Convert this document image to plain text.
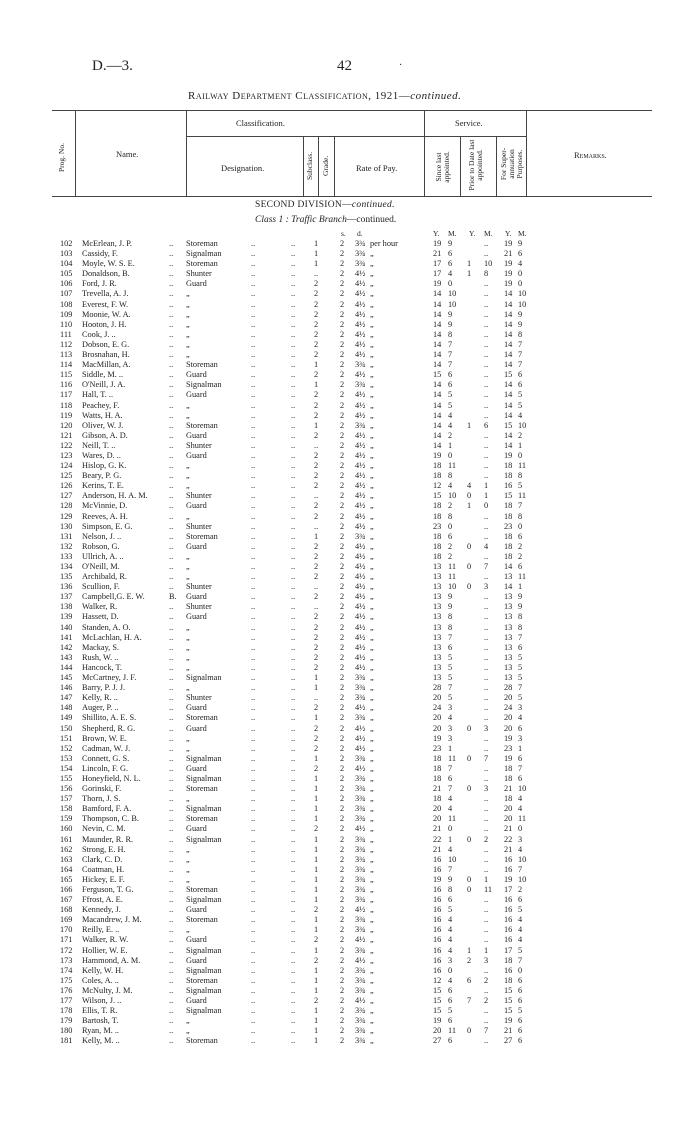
D.—3.	42	·
Railway Department Classification, 1921—continued.
Classification.	Service.
Name.
Designation.	Rate of Pay.
Remarks.
Prog. No.	Subclass. Grade.	Since last appointed. Prior to Date last appointed. For Super-annuation Purposes.
SECOND DIVISION—continued.
Class 1 : Traffic Branch—continued.
s. d.	Y. M. Y. M. Y. M.
102 McErlean, J. P.	.. Storeman	..	.. 1	2 3¾ per hour	19 9	.. 19 9
103 Cassidy, F.	.. Signalman	..	.. 1	2 3¾ „	21 6	.. 21 6
104 Moyle, W. S. E.	.. Storeman	..	.. 1	2 3¾ „	17 6 1 10 19 4
105 Donaldson, B.	.. Shunter	..	.. ..	2 4½ „	17 4 1 8 19 0
106 Ford, J. R.	.. Guard	..	.. 2	2 4½ „	19 0	.. 19 0
107 Trevella, A. J.	.. „	..	.. 2	2 4½ „	14 10	.. 14 10
108 Everest, F. W.	.. „	..	.. 2	2 4½ „	14 10	.. 14 10
109 Moonie, W. A.	.. „	..	.. 2	2 4½ „	14 9	.. 14 9
110 Hooton, J. H.	.. „	..	.. 2	2 4½ „	14 9	.. 14 9
111 Cook, J. ..	.. „	..	.. 2	2 4½ „	14 8	.. 14 8
112 Dobson, E. G.	.. „	..	.. 2	2 4½ „	14 7	.. 14 7
113 Brosnahan, H.	.. „	..	.. 2	2 4½ „	14 7	.. 14 7
114 MacMillan, A.	.. Storeman	..	.. 1	2 3¾ „	14 7	.. 14 7
115 Siddle, M. ..	.. Guard	..	.. 2	2 4½ „	15 6	.. 15 6
116 O'Neill, J. A.	.. Signalman	..	.. 1	2 3¾ „	14 6	.. 14 6
117 Hall, T. ..	.. Guard	..	.. 2	2 4½ „	14 5	.. 14 5
118 Peachey, F.	.. „	..	.. 2	2 4½ „	14 5	.. 14 5
119 Watts, H. A.	.. „	..	.. 2	2 4½ „	14 4	.. 14 4
120 Oliver, W. J.	.. Storeman	..	.. 1	2 3¾ „	14 4 1 6 15 10
121 Gibson, A. D.	.. Guard	..	.. 2	2 4½ „	14 2	.. 14 2
122 Neill, T. ..	.. Shunter	..	.. ..	2 4½ „	14 1	.. 14 1
123 Wares, D. ..	.. Guard	..	.. 2	2 4½ „	19 0	.. 19 0
124 Hislop, G. K.	.. „	..	.. 2	2 4½ „	18 11	.. 18 11
125 Beary, P. G.	.. „	..	.. 2	2 4½ „	18 8	.. 18 8
126 Kerins, T. E.	.. „	..	.. 2	2 4½ „	12 4 4 1 16 5
127 Anderson, H. A. M.	.. Shunter	..	.. ..	2 4½ „	15 10 0 1 15 11
128 McVinnie, D.	.. Guard	..	.. 2	2 4½ „	18 2 1 0 18 7
129 Reeves, A. H.	.. „	..	.. 2	2 4½ „	18 8	.. 18 8
130 Simpson, E. G.	.. Shunter	..	.. ..	2 4½ „	23 0	.. 23 0
131 Nelson, J. ..	.. Storeman	..	.. 1	2 3¾ „	18 6	.. 18 6
132 Robson, G.	.. Guard	..	.. 2	2 4½ „	18 2 0 4 18 2
133 Ullrich, A. ..	.. „	..	.. 2	2 4½ „	18 2	.. 18 2
134 O'Neill, M.	.. „	..	.. 2	2 4½ „	13 11 0 7 14 6
135 Archibald, R.	.. „	..	.. 2	2 4½ „	13 11	.. 13 11
136 Scullion, F.	.. Shunter	..	.. ..	2 4½ „	13 10 0 3 14 1
137 Campbell,G. E. W.	B. Guard	..	.. 2	2 4½ „	13 9	.. 13 9
138 Walker, R.	.. Shunter	..	.. ..	2 4½ „	13 9	.. 13 9
139 Hassett, D.	.. Guard	..	.. 2	2 4½ „	13 8	.. 13 8
140 Standen, A. O.	.. „	..	.. 2	2 4½ „	13 8	.. 13 8
141 McLachlan, H. A.	.. „	..	.. 2	2 4½ „	13 7	.. 13 7
142 Mackay, S.	.. „	..	.. 2	2 4½ „	13 6	.. 13 6
143 Rush, W. ..	.. „	..	.. 2	2 4½ „	13 5	.. 13 5
144 Hancock, T.	.. „	..	.. 2	2 4½ „	13 5	.. 13 5
145 McCartney, J. F.	.. Signalman	..	.. 1	2 3¾ „	13 5	.. 13 5
146 Barry, P. J. J.	.. „	..	.. 1	2 3¾ „	28 7	.. 28 7
147 Kelly, R. ..	.. Shunter	..	.. ..	2 3¾ „	20 5	.. 20 5
148 Auger, P. ..	.. Guard	..	.. 2	2 4½ „	24 3	.. 24 3
149 Shillito, A. E. S.	.. Storeman	..	.. 1	2 3¾ „	20 4	.. 20 4
150 Shepherd, R. G.	.. Guard	..	.. 2	2 4½ „	20 3 0 3 20 6
151 Brown, W. E.	.. „	..	.. 2	2 4½ „	19 3	.. 19 3
152 Cadman, W. J.	.. „	..	.. 2	2 4½ „	23 1	.. 23 1
153 Connett, G. S.	.. Signalman	..	.. 1	2 3¾ „	18 11 0 7 19 6
154 Lincoln, F. G.	.. Guard	..	.. 2	2 4½ „	18 7	.. 18 7
155 Honeyfield, N. L.	.. Signalman	..	.. 1	2 3¾ „	18 6	.. 18 6
156 Gorinski, F.	.. Storeman	..	.. 1	2 3¾ „	21 7 0 3 21 10
157 Thorn, J. S.	.. „	..	.. 1	2 3¾ „	18 4	.. 18 4
158 Bamford, F. A.	.. Signalman	..	.. 1	2 3¾ „	20 4	.. 20 4
159 Thompson, C. B.	.. Storeman	..	.. 1	2 3¾ „	20 11	.. 20 11
160 Nevin, C. M.	.. Guard	..	.. 2	2 4½ „	21 0	.. 21 0
161 Maunder, R. R.	.. Signalman	..	.. 1	2 3¾ „	22 1 0 2 22 3
162 Strong, E. H.	.. „	..	.. 1	2 3¾ „	21 4	.. 21 4
163 Clark, C. D.	.. „	..	.. 1	2 3¾ „	16 10	.. 16 10
164 Coatman, H.	.. „	..	.. 1	2 3¾ „	16 7	.. 16 7
165 Hickey, E. F.	.. „	..	.. 1	2 3¾ „	19 9 0 1 19 10
166 Ferguson, T. G.	.. Storeman	..	.. 1	2 3¾ „	16 8 0 11 17 2
167 Ffrost, A. E.	.. Signalman	..	.. 1	2 3¾ „	16 6	.. 16 6
168 Kennedy, J.	.. Guard	..	.. 2	2 4½ „	16 5	.. 16 5
169 Macandrew, J. M.	.. Storeman	..	.. 1	2 3¾ „	16 4	.. 16 4
170 Reilly, E. ..	.. „	..	.. 1	2 3¾ „	16 4	.. 16 4
171 Walker, R. W.	.. Guard	..	.. 2	2 4½ „	16 4	.. 16 4
172 Hollier, W. E.	.. Signalman	..	.. 1	2 3¾ „	16 4 1 1 17 5
173 Hammond, A. M.	.. Guard	..	.. 2	2 4½ „	16 3 2 3 18 7
174 Kelly, W. H.	.. Signalman	..	.. 1	2 3¾ „	16 0	.. 16 0
175 Coles, A. ..	.. Storeman	..	.. 1	2 3¾ „	12 4 6 2 18 6
176 McNulty, J. M.	.. Signalman	..	.. 1	2 3¾ „	15 6	.. 15 6
177 Wilson, J. ..	.. Guard	..	.. 2	2 4½ „	15 6 7 2 15 6
178 Ellis, T. R.	.. Signalman	..	.. 1	2 3¾ „	15 5	.. 15 5
179 Bartosh, T.	.. „	..	.. 1	2 3¾ „	19 6	.. 19 6
180 Ryan, M. ..	.. „	..	.. 1	2 3¾ „	20 11 0 7 21 6
181 Kelly, M. ..	.. Storeman	..	.. 1	2 3¾ „	27 6	.. 27 6
